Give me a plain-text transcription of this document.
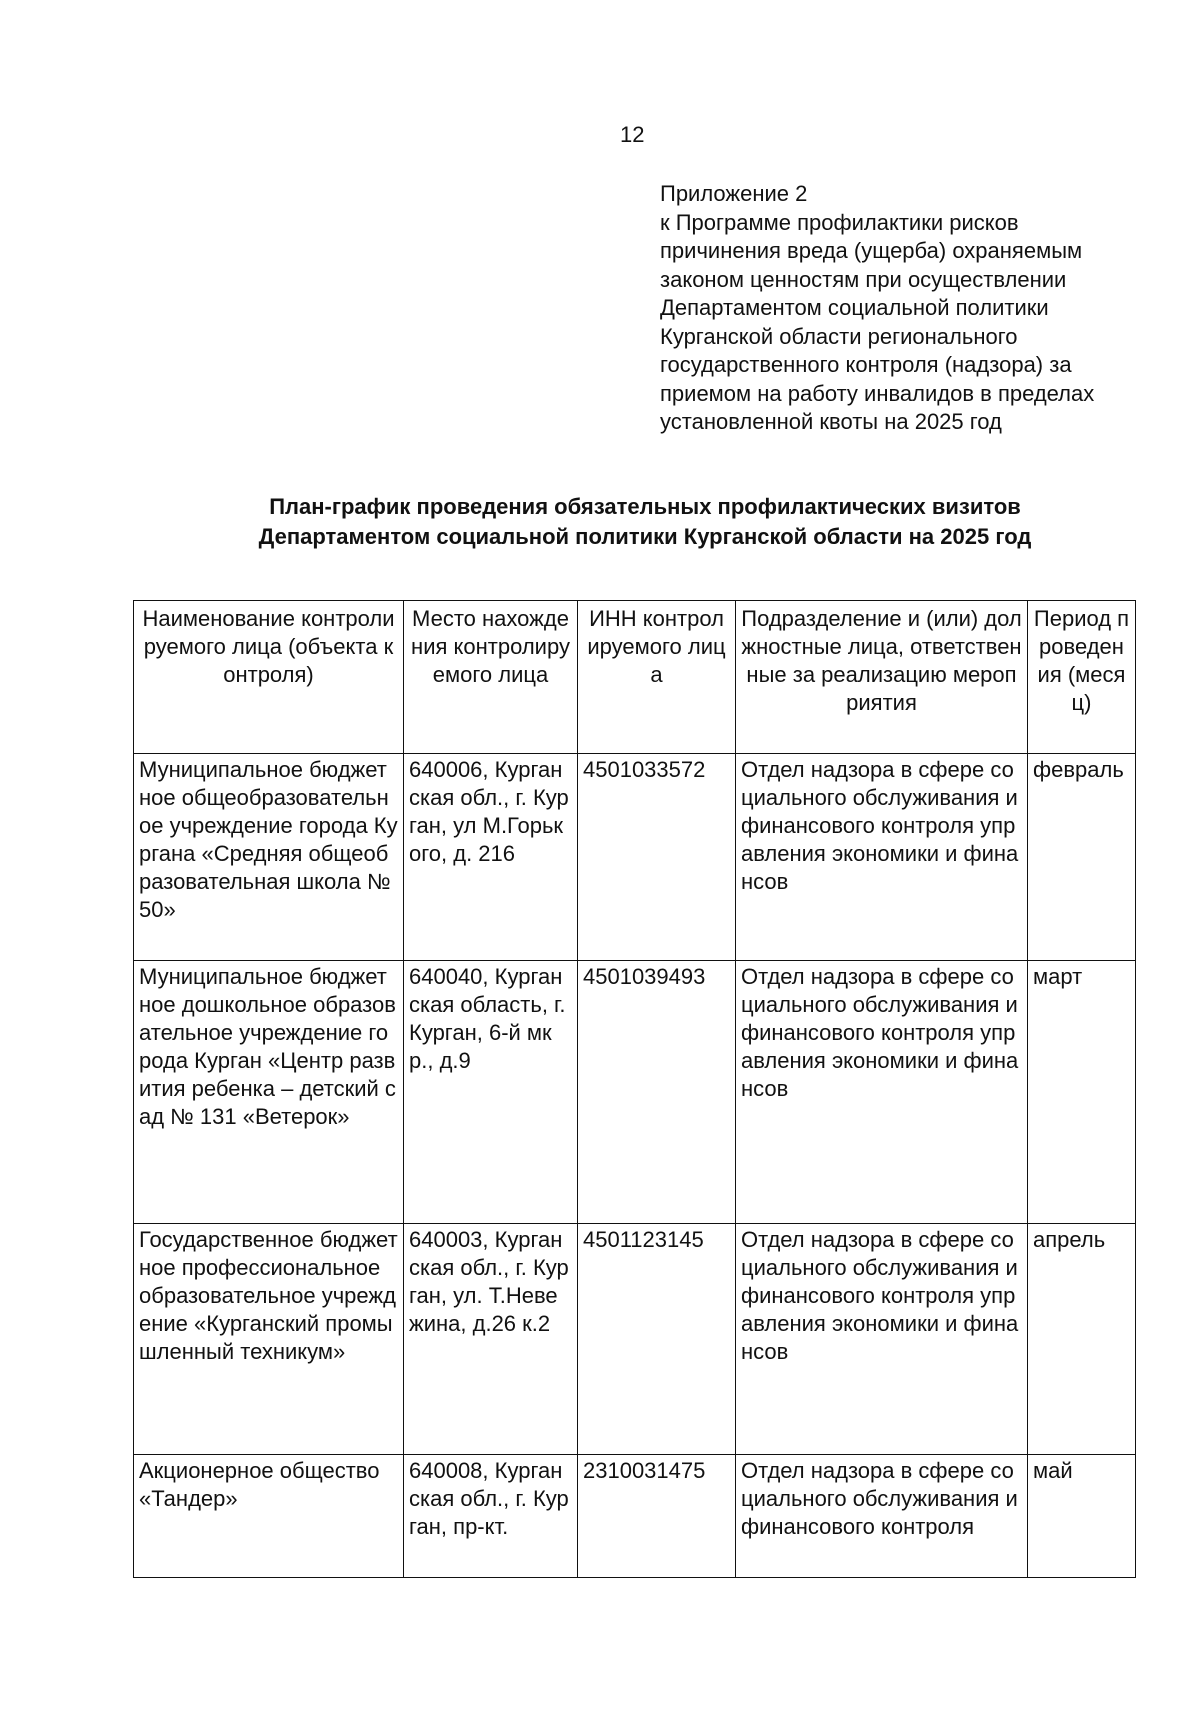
12
Приложение 2
к Программе профилактики рисков
причинения вреда (ущерба) охраняемым
законом ценностям при осуществлении
Департаментом социальной политики
Курганской области регионального
государственного контроля (надзора) за
приемом на работу инвалидов в пределах
установленной квоты на 2025 год
План-график проведения обязательных профилактических визитов
Департаментом социальной политики Курганской области на 2025 год
Наименование контролируемого лица (объекта контроля)	Место нахождения контролируемого лица	ИНН контролируемого лица	Подразделение и (или) должностные лица, ответственные за реализацию мероприятия	Период проведения (месяц)
Муниципальное бюджетное общеобразовательное учреждение города Кургана «Средняя общеобразовательная школа № 50»	640006, Курганская обл., г. Курган, ул М.Горького, д. 216	4501033572	Отдел надзора в сфере социального обслуживания и финансового контроля управления экономики и финансов	февраль
Муниципальное бюджетное дошкольное образовательное учреждение города Курган «Центр развития ребенка – детский сад № 131 «Ветерок»	640040, Курганская область, г. Курган, 6-й мкр., д.9	4501039493	Отдел надзора в сфере социального обслуживания и финансового контроля управления экономики и финансов	март
Государственное бюджетное профессиональное образовательное учреждение «Курганский промышленный техникум»	640003, Курганская обл., г. Курган, ул. Т.Невежина, д.26 к.2	4501123145	Отдел надзора в сфере социального обслуживания и финансового контроля управления экономики и финансов	апрель
Акционерное общество «Тандер»	640008, Курганская обл., г. Курган, пр-кт.	2310031475	Отдел надзора в сфере социального обслуживания и финансового контроля	май
